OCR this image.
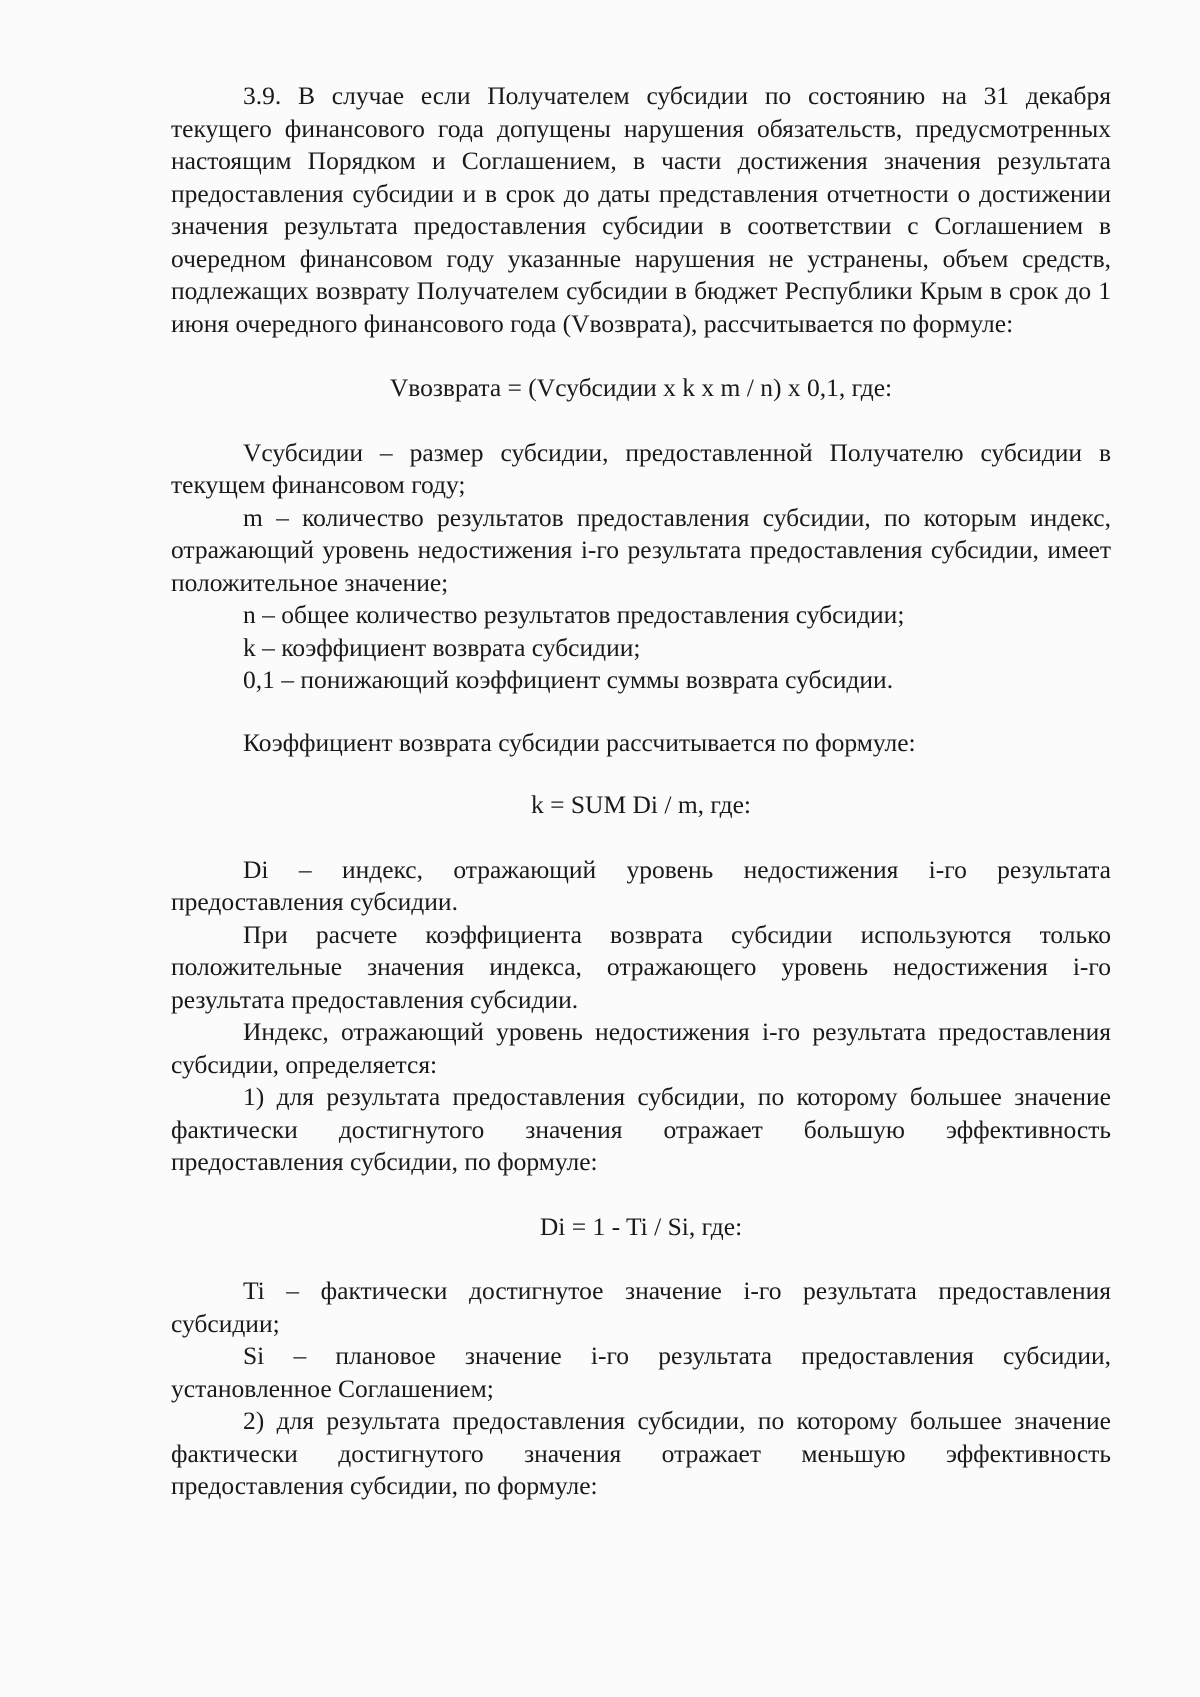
3.9. В случае если Получателем субсидии по состоянию на 31 декабря текущего финансового года допущены нарушения обязательств, предусмотренных настоящим Порядком и Соглашением, в части достижения значения результата предоставления субсидии и в срок до даты представления отчетности о достижении значения результата предоставления субсидии в соответствии с Соглашением в очередном финансовом году указанные нарушения не устранены, объем средств, подлежащих возврату Получателем субсидии в бюджет Республики Крым в срок до 1 июня очередного финансового года (Vвозврата), рассчитывается по формуле:

Vвозврата = (Vсубсидии х k х m / n) х 0,1, где:

Vсубсидии – размер субсидии, предоставленной Получателю субсидии в текущем финансовом году;

m – количество результатов предоставления субсидии, по которым индекс, отражающий уровень недостижения i-го результата предоставления субсидии, имеет положительное значение;

n – общее количество результатов предоставления субсидии;

k – коэффициент возврата субсидии;

0,1 – понижающий коэффициент суммы возврата субсидии.

Коэффициент возврата субсидии рассчитывается по формуле:

k = SUM Di / m, где:

Di – индекс, отражающий уровень недостижения i-го результата предоставления субсидии.

При расчете коэффициента возврата субсидии используются только положительные значения индекса, отражающего уровень недостижения i-го результата предоставления субсидии.

Индекс, отражающий уровень недостижения i-го результата предоставления субсидии, определяется:

1) для результата предоставления субсидии, по которому большее значение фактически достигнутого значения отражает большую эффективность предоставления субсидии, по формуле:

Di = 1 - Ti / Si, где:

Ti – фактически достигнутое значение i-го результата предоставления субсидии;

Si – плановое значение i-го результата предоставления субсидии, установленное Соглашением;

2) для результата предоставления субсидии, по которому большее значение фактически достигнутого значения отражает меньшую эффективность предоставления субсидии, по формуле:
